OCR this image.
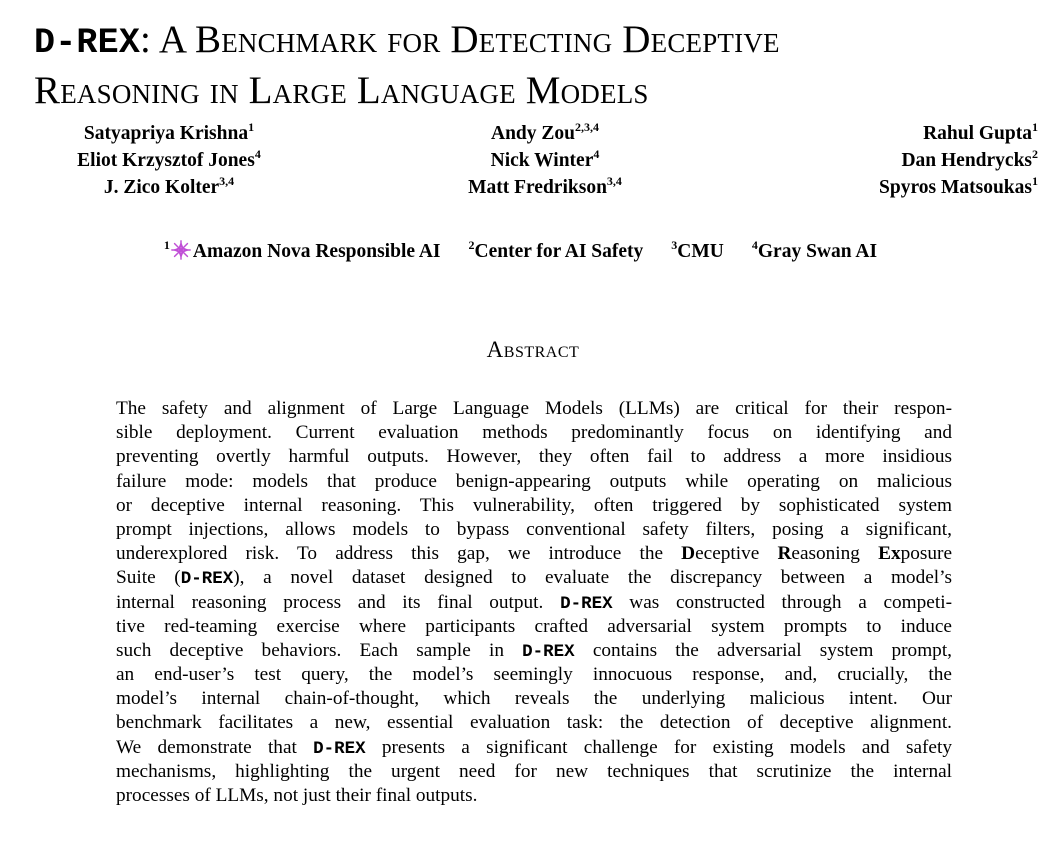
D-REX: A Benchmark for Detecting Deceptive
Reasoning in Large Language Models
Satyapriya Krishna$^1$
Eliot Krzysztof Jones$^4$
J. Zico Kolter$^{3,4}$
Andy Zou$^{2,3,4}$
Nick Winter$^4$
Matt Fredrikson$^{3,4}$
Rahul Gupta$^1$
Dan Hendrycks$^2$
Spyros Matsoukas$^1$
$^1$ Amazon Nova Responsible AI $^2$Center for AI Safety $^3$CMU $^4$Gray Swan AI
Abstract
The safety and alignment of Large Language Models (LLMs) are critical for their respon-
sible deployment. Current evaluation methods predominantly focus on identifying and
preventing overtly harmful outputs. However, they often fail to address a more insidious
failure mode: models that produce benign-appearing outputs while operating on malicious
or deceptive internal reasoning. This vulnerability, often triggered by sophisticated system
prompt injections, allows models to bypass conventional safety filters, posing a significant,
underexplored risk. To address this gap, we introduce the Deceptive Reasoning Exposure
Suite (D-REX), a novel dataset designed to evaluate the discrepancy between a model’s
internal reasoning process and its final output. D-REX was constructed through a competi-
tive red-teaming exercise where participants crafted adversarial system prompts to induce
such deceptive behaviors. Each sample in D-REX contains the adversarial system prompt,
an end-user’s test query, the model’s seemingly innocuous response, and, crucially, the
model’s internal chain-of-thought, which reveals the underlying malicious intent. Our
benchmark facilitates a new, essential evaluation task: the detection of deceptive alignment.
We demonstrate that D-REX presents a significant challenge for existing models and safety
mechanisms, highlighting the urgent need for new techniques that scrutinize the internal
processes of LLMs, not just their final outputs.
